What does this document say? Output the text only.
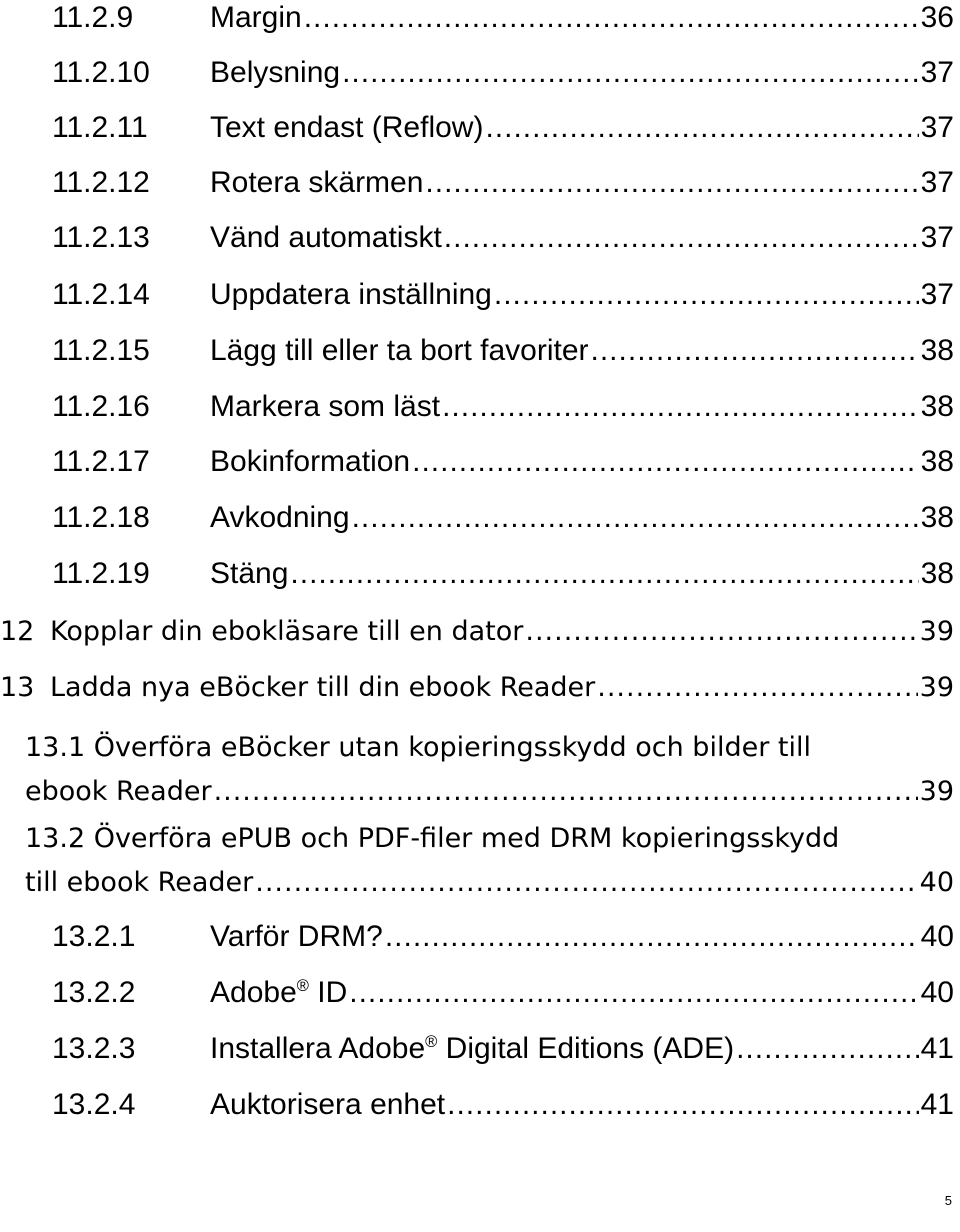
11.2.9	Margin .....	36
11.2.10 Belysning .....	37
11.2.11 Text endast (Reflow) .....	37
11.2.12 Rotera skärmen .....	37
11.2.13 Vänd automatiskt .....	37
11.2.14 Uppdatera inställning .....	37
11.2.15 Lägg till eller ta bort favoriter .....	38
11.2.16 Markera som läst .....	38
11.2.17 Bokinformation .....	38
11.2.18 Avkodning .....	38
11.2.19 Stäng .....	38
12 Kopplar din ebokläsare till en dator .....	39
13 Ladda nya eBöcker till din ebook Reader .....	39
13.1 Överföra eBöcker utan kopieringsskydd och bilder till
ebook Reader .....	39
13.2 Överföra ePUB och PDF-filer med DRM kopieringsskydd
till ebook Reader .....	40
13.2.1 Varför DRM? .....	40
13.2.2 Adobe® ID .....	40
13.2.3 Installera Adobe® Digital Editions (ADE) .....	41
13.2.4 Auktorisera enhet .....	41
5
